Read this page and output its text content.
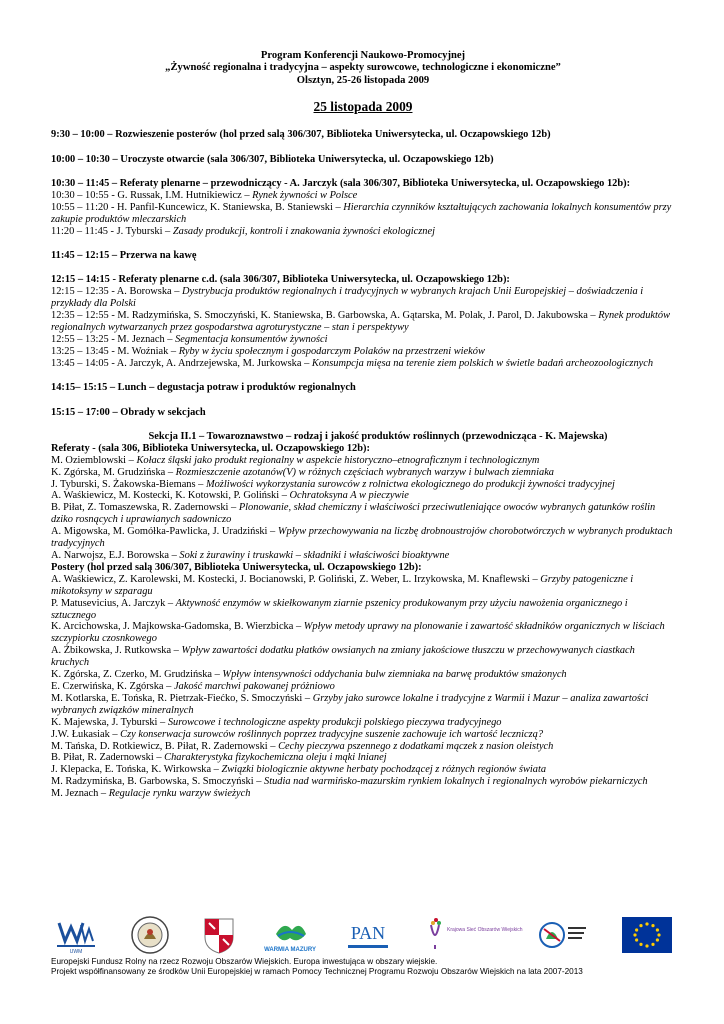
Program Konferencji Naukowo-Promocyjnej
„Żywność regionalna i tradycyjna – aspekty surowcowe, technologiczne i ekonomiczne”
Olsztyn, 25-26 listopada 2009
25 listopada 2009
9:30 – 10:00 – Rozwieszenie posterów (hol przed salą 306/307, Biblioteka Uniwersytecka, ul. Oczapowskiego 12b)
10:00 – 10:30 – Uroczyste otwarcie (sala 306/307, Biblioteka Uniwersytecka, ul. Oczapowskiego 12b)
10:30 – 11:45 – Referaty plenarne – przewodniczący - A. Jarczyk (sala 306/307, Biblioteka Uniwersytecka, ul. Oczapowskiego 12b):
10:30 – 10:55 - G. Russak, I.M. Hutnikiewicz – Rynek żywności w Polsce
10:55 – 11:20 - H. Panfil-Kuncewicz, K. Staniewska, B. Staniewski – Hierarchia czynników kształtujących zachowania lokalnych konsumentów przy zakupie produktów mleczarskich
11:20 – 11:45 - J. Tyburski – Zasady produkcji, kontroli i znakowania żywności ekologicznej
11:45 – 12:15 – Przerwa na kawę
12:15 – 14:15 - Referaty plenarne c.d. (sala 306/307, Biblioteka Uniwersytecka, ul. Oczapowskiego 12b):
12:15 – 12:35 - A. Borowska – Dystrybucja produktów regionalnych i tradycyjnych w wybranych krajach Unii Europejskiej – doświadczenia i przykłady dla Polski
12:35 – 12:55 - M. Radzymińska, S. Smoczyński, K. Staniewska, B. Garbowska, A. Gątarska, M. Polak, J. Parol, D. Jakubowska – Rynek produktów regionalnych wytwarzanych przez gospodarstwa agroturystyczne – stan i perspektywy
12:55 – 13:25 - M. Jeznach – Segmentacja konsumentów żywności
13:25 – 13:45 - M. Woźniak – Ryby w życiu społecznym i gospodarczym Polaków na przestrzeni wieków
13:45 – 14:05 - A. Jarczyk, A. Andrzejewska, M. Jurkowska – Konsumpcja mięsa na terenie ziem polskich w świetle badań archeozoologicznych
14:15– 15:15 – Lunch – degustacja potraw i produktów regionalnych
15:15 – 17:00 – Obrady w sekcjach
Sekcja II.1 – Towaroznawstwo – rodzaj i jakość produktów roślinnych (przewodnicząca - K. Majewska)
Referaty - (sala 306, Biblioteka Uniwersytecka, ul. Oczapowskiego 12b):
M. Oziemblowski – Kołacz śląski jako produkt regionalny w aspekcie historyczno–etnograficznym i technologicznym
K. Zgórska, M. Grudzińska – Rozmieszczenie azotanów(V) w różnych częściach wybranych warzyw i bulwach ziemniaka
J. Tyburski, S. Żakowska-Biemans – Możliwości wykorzystania surowców z rolnictwa ekologicznego do produkcji żywności tradycyjnej
A. Waśkiewicz, M. Kostecki, K. Kotowski, P. Goliński – Ochratoksyna A w pieczywie
B. Piłat, Z. Tomaszewska, R. Zadernowski – Plonowanie, skład chemiczny i właściwości przeciwutleniające owoców wybranych gatunków roślin dziko rosnących i uprawianych sadowniczo
A. Migowska, M. Gomółka-Pawlicka, J. Uradziński – Wpływ przechowywania na liczbę drobnoustrojów chorobotwórczych w wybranych produktach tradycyjnych
A. Narwojsz, E.J. Borowska – Soki z żurawiny i truskawki – składniki i właściwości bioaktywne
Postery (hol przed salą 306/307, Biblioteka Uniwersytecka, ul. Oczapowskiego 12b):
A. Waśkiewicz, Z. Karolewski, M. Kostecki, J. Bocianowski, P. Goliński, Z. Weber, L. Irzykowska, M. Knaflewski – Grzyby patogeniczne i mikotoksyny w szparagu
P. Matusevicius, A. Jarczyk – Aktywność enzymów w skiełkowanym ziarnie pszenicy produkowanym przy użyciu nawożenia organicznego i sztucznego
K. Arcichowska, J. Majkowska-Gadomska, B. Wierzbicka – Wpływ metody uprawy na plonowanie i zawartość składników organicznych w liściach szczypiorku czosnkowego
A. Żbikowska, J. Rutkowska – Wpływ zawartości dodatku płatków owsianych na zmiany jakościowe tłuszczu w przechowywanych ciastkach kruchych
K. Zgórska, Z. Czerko, M. Grudzińska – Wpływ intensywności oddychania bulw ziemniaka na barwę produktów smażonych
E. Czerwińska, K. Zgórska – Jakość marchwi pakowanej próżniowo
M. Kotlarska, E. Tońska, R. Pietrzak-Fiećko, S. Smoczyński – Grzyby jako surowce lokalne i tradycyjne z Warmii i Mazur – analiza zawartości wybranych związków mineralnych
K. Majewska, J. Tyburski – Surowcowe i technologiczne aspekty produkcji polskiego pieczywa tradycyjnego
J.W. Łukasiak – Czy konserwacja surowców roślinnych poprzez tradycyjne suszenie zachowuje ich wartość leczniczą?
M. Tańska, D. Rotkiewicz, B. Piłat, R. Zadernowski – Cechy pieczywa pszennego z dodatkami mączek z nasion oleistych
B. Piłat, R. Zadernowski – Charakterystyka fizykochemiczna oleju i mąki lnianej
J. Klepacka, E. Tońska, K. Wirkowska – Związki biologicznie aktywne herbaty pochodzącej z różnych regionów świata
M. Radzymińska, B. Garbowska, S. Smoczyński – Studia nad warmińsko-mazurskim rynkiem lokalnych i regionalnych wyrobów piekarniczych
M. Jeznach – Regulacje rynku warzyw świeżych
UWM	WARMIA MAZURY
PAN	Krajowa Sieć Obszarów Wiejskich
Europejski Fundusz Rolny na rzecz Rozwoju Obszarów Wiejskich. Europa inwestująca w obszary wiejskie.
Projekt współfinansowany ze środków Unii Europejskiej w ramach Pomocy Technicznej Programu Rozwoju Obszarów Wiejskich na lata 2007-2013
